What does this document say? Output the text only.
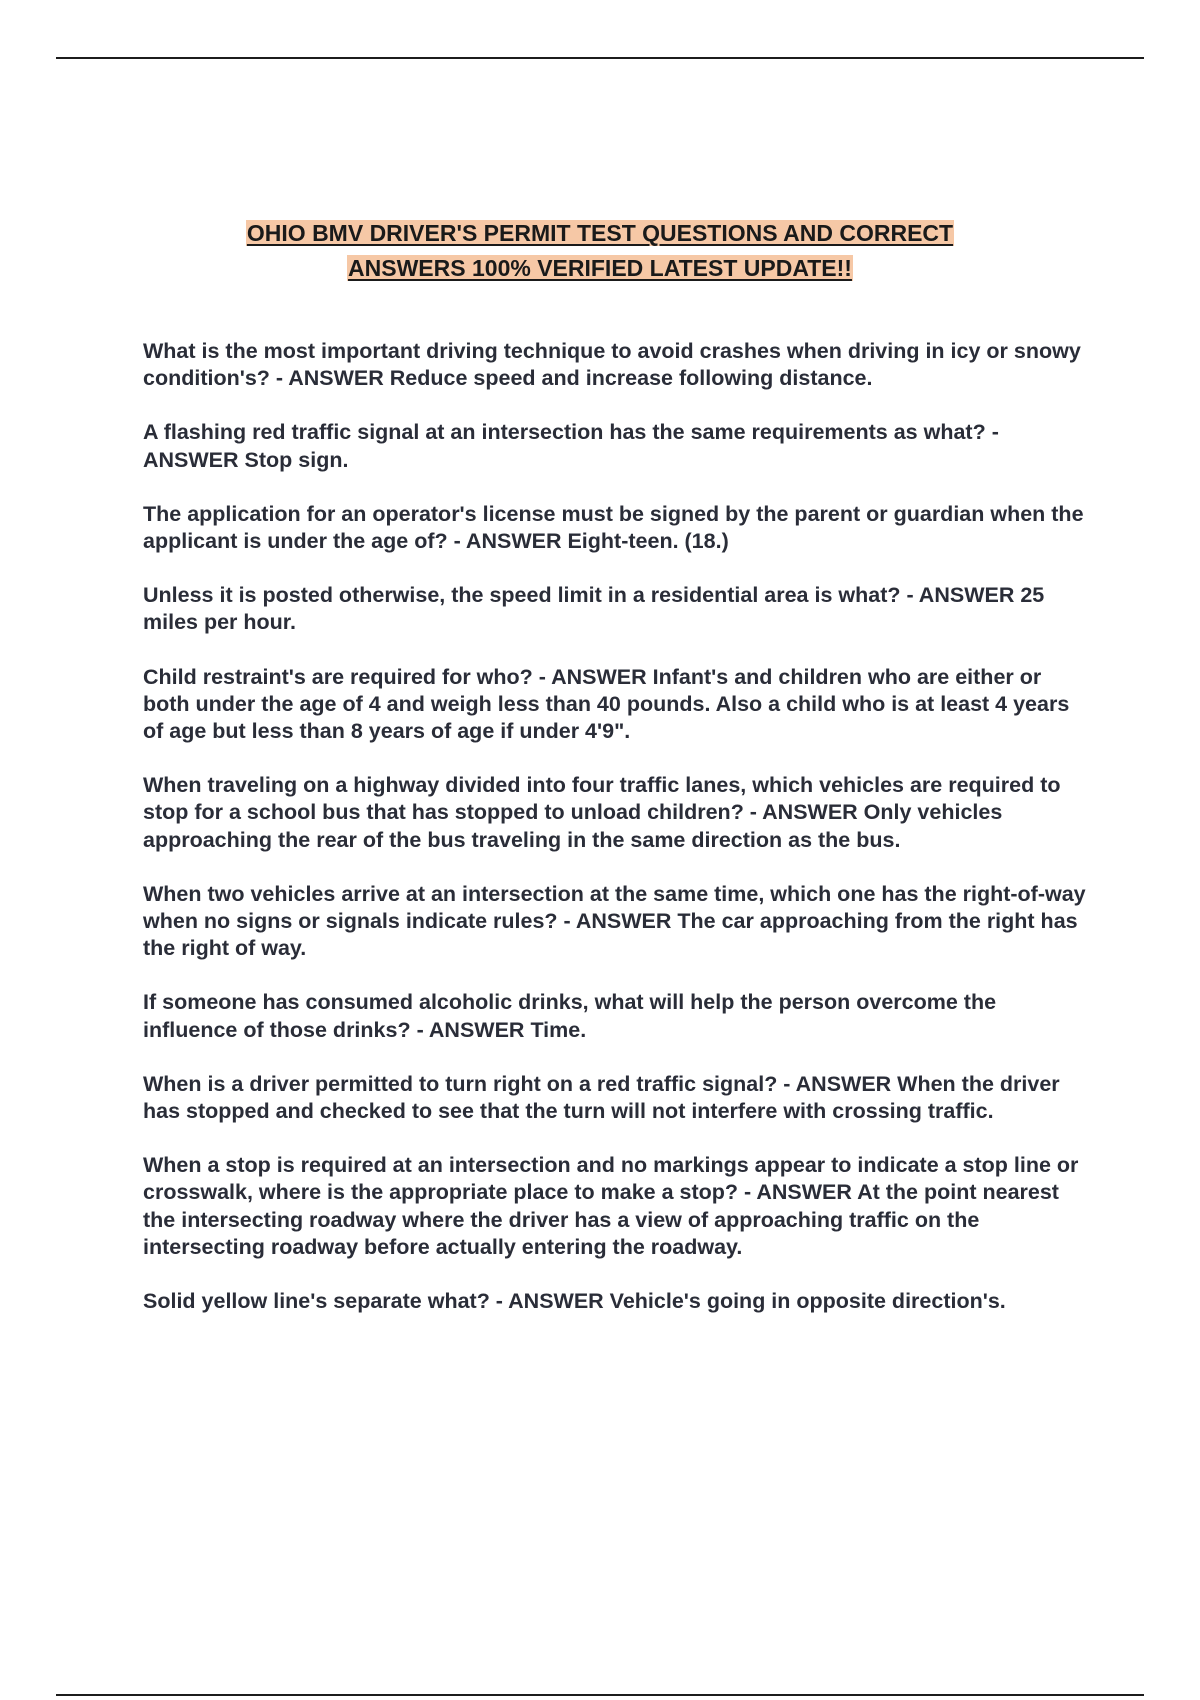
OHIO BMV DRIVER'S PERMIT TEST QUESTIONS AND CORRECT
ANSWERS 100% VERIFIED LATEST UPDATE!!

What is the most important driving technique to avoid crashes when driving in icy or snowy condition's? - ANSWER Reduce speed and increase following distance.

A flashing red traffic signal at an intersection has the same requirements as what? - ANSWER Stop sign.

The application for an operator's license must be signed by the parent or guardian when the applicant is under the age of? - ANSWER Eight-teen. (18.)

Unless it is posted otherwise, the speed limit in a residential area is what? - ANSWER 25 miles per hour.

Child restraint's are required for who? - ANSWER Infant's and children who are either or both under the age of 4 and weigh less than 40 pounds. Also a child who is at least 4 years of age but less than 8 years of age if under 4'9".

When traveling on a highway divided into four traffic lanes, which vehicles are required to stop for a school bus that has stopped to unload children? - ANSWER Only vehicles approaching the rear of the bus traveling in the same direction as the bus.

When two vehicles arrive at an intersection at the same time, which one has the right-of-way when no signs or signals indicate rules? - ANSWER The car approaching from the right has the right of way.

If someone has consumed alcoholic drinks, what will help the person overcome the influence of those drinks? - ANSWER Time.

When is a driver permitted to turn right on a red traffic signal? - ANSWER When the driver has stopped and checked to see that the turn will not interfere with crossing traffic.

When a stop is required at an intersection and no markings appear to indicate a stop line or crosswalk, where is the appropriate place to make a stop? - ANSWER At the point nearest the intersecting roadway where the driver has a view of approaching traffic on the intersecting roadway before actually entering the roadway.

Solid yellow line's separate what? - ANSWER Vehicle's going in opposite direction's.
